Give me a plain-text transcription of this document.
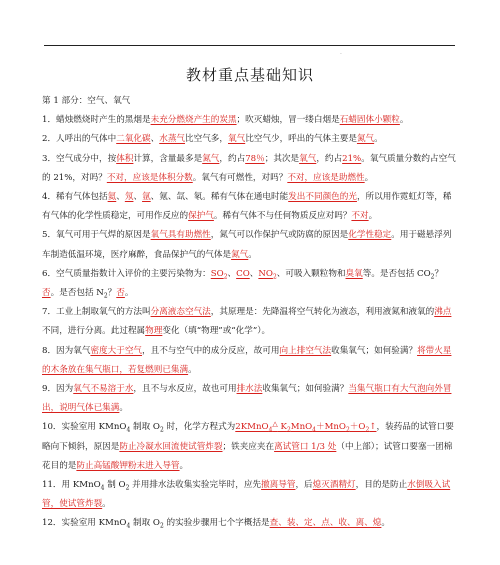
·
教材重点基础知识
第 1 部分：空气、氧气
1．蜡烛燃烧时产生的黑烟是未充分燃烧产生的炭黑；吹灭蜡烛，冒一缕白烟是石蜡固体小颗粒。
2．人呼出的气体中二氧化碳、水蒸气比空气多，氧气比空气少，呼出的气体主要是氮气。
3．空气成分中，按体积计算，含量最多是氮气，约占78％；其次是氧气，约占21%。氧气质量分数约占空气的 21%，对吗？不对，应该是体积分数。氧气有可燃性，对吗？不对，应该是助燃性。
4．稀有气体包括氦、氖、氩、氪、氙、氡。稀有气体在通电时能发出不同颜色的光，所以用作霓虹灯等，稀有气体的化学性质稳定，可用作反应的保护气。稀有气体不与任何物质反应对吗？不对。
5．氧气可用于气焊的原因是氧气具有助燃性，氮气可以作保护气或防腐的原因是化学性稳定。用于磁悬浮列车制造低温环境，医疗麻醉，食品保护气的气体是氮气。
6．空气质量指数计入评价的主要污染物为：$SO_2$、CO、$NO_2$、可吸入颗粒物和臭氧等。是否包括 $CO_2$？否。是否包括 $N_2$？否。
7．工业上制取氧气的方法叫分离液态空气法，其原理是：先降温将空气转化为液态，利用液氮和液氧的沸点不同，进行分离。此过程属物理变化（填“物理”或“化学”）。
8．因为氧气密度大于空气，且不与空气中的成分反应，故可用向上排空气法收集氧气；如何验满？将带火星的木条放在集气瓶口，若复燃则已集满。
9．因为氧气不易溶于水，且不与水反应，故也可用排水法收集氧气；如何验满？当集气瓶口有大气泡向外冒出，说明气体已集满。
10．实验室用 KMnO$_4$ 制取 $O_2$ 时，化学方程式为2KMnO$_4$△ $K_2MnO_4+MnO_2+O_2↑$，装药品的试管口要略向下倾斜，原因是防止冷凝水回流使试管炸裂；铁夹应夹在离试管口 1/3 处（中上部）；试管口要塞一团棉花目的是防止高锰酸钾粉末进入导管。
11．用 KMnO$_4$ 制 $O_2$ 并用排水法收集实验完毕时，应先撤离导管，后熄灭酒精灯，目的是防止水倒吸入试管，使试管炸裂。
12．实验室用 KMnO$_4$ 制取 $O_2$ 的实验步骤用七个字概括是查、装、定、点、收、离、熄。
